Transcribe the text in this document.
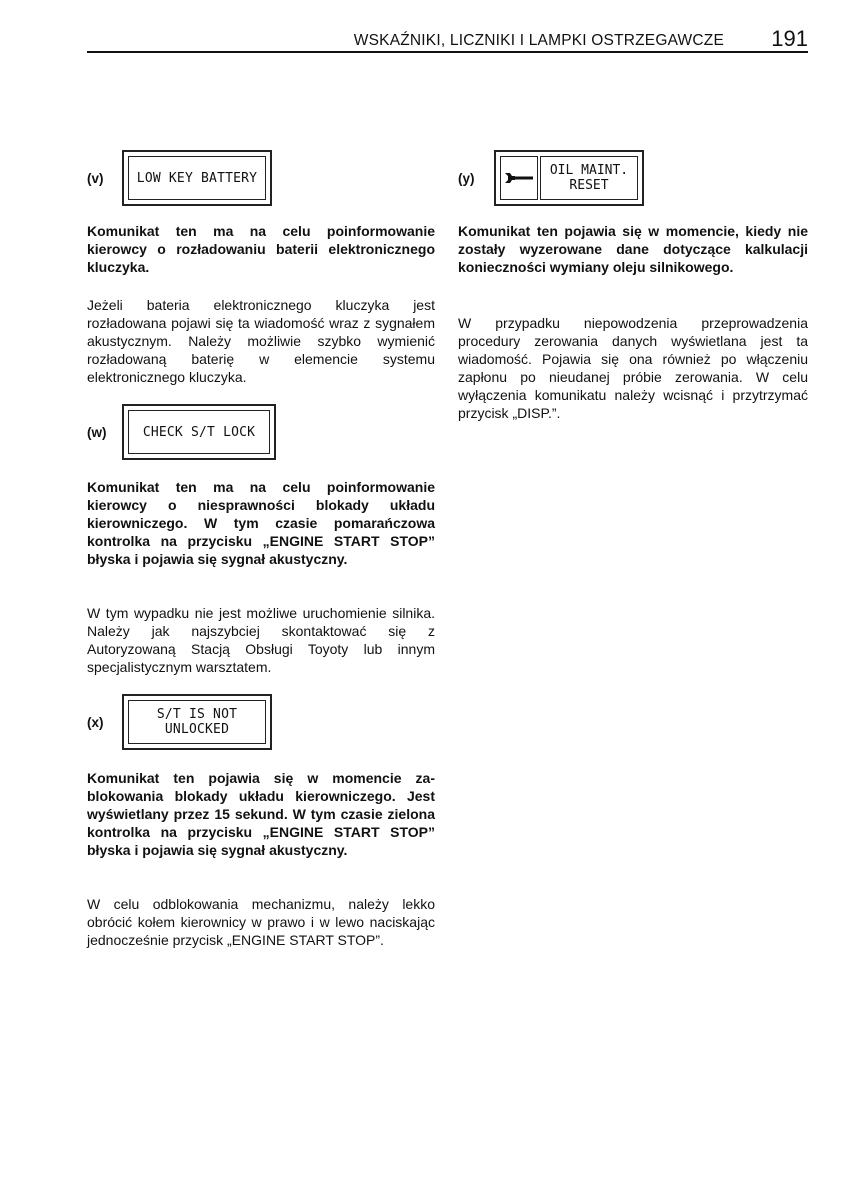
WSKAŹNIKI, LICZNIKI I LAMPKI OSTRZEGAWCZE 191
(v)	LOW KEY BATTERY

Komunikat ten ma na celu poinformowanie kierowcy o rozładowaniu baterii elektronicznego kluczyka.

Jeżeli bateria elektronicznego kluczyka jest rozładowana pojawi się ta wiadomość wraz z sygnałem akustycznym. Należy możliwie szybko wymienić rozładowaną baterię w elemencie systemu elektronicznego kluczyka.

(w)	CHECK S/T LOCK

Komunikat ten ma na celu poinformowanie kierowcy o niesprawności blokady układu kierowniczego. W tym czasie pomarańczowa kontrolka na przycisku „ENGINE START STOP” błyska i pojawia się sygnał akustyczny.

W tym wypadku nie jest możliwe uruchomienie silnika. Należy jak najszybciej skontaktować się z Autoryzowaną Stacją Obsługi Toyoty lub innym specjalistycznym warsztatem.

(x)
S/T IS NOT
UNLOCKED

Komunikat ten pojawia się w momencie zablokowania blokady układu kierowniczego. Jest wyświetlany przez 15 sekund. W tym czasie zielona kontrolka na przycisku „ENGINE START STOP” błyska i pojawia się sygnał akustyczny.

W celu odblokowania mechanizmu, należy lekko obrócić kołem kierownicy w prawo i w lewo naciskając jednocześnie przycisk „ENGINE START STOP”.

(y)
OIL MAINT.
RESET

Komunikat ten pojawia się w momencie, kiedy nie zostały wyzerowane dane dotyczące kalkulacji konieczności wymiany oleju silnikowego.

W przypadku niepowodzenia przeprowadzenia procedury zerowania danych wyświetlana jest ta wiadomość. Pojawia się ona również po włączeniu zapłonu po nieudanej próbie zerowania. W celu wyłączenia komunikatu należy wcisnąć i przytrzymać przycisk „DISP.”.
